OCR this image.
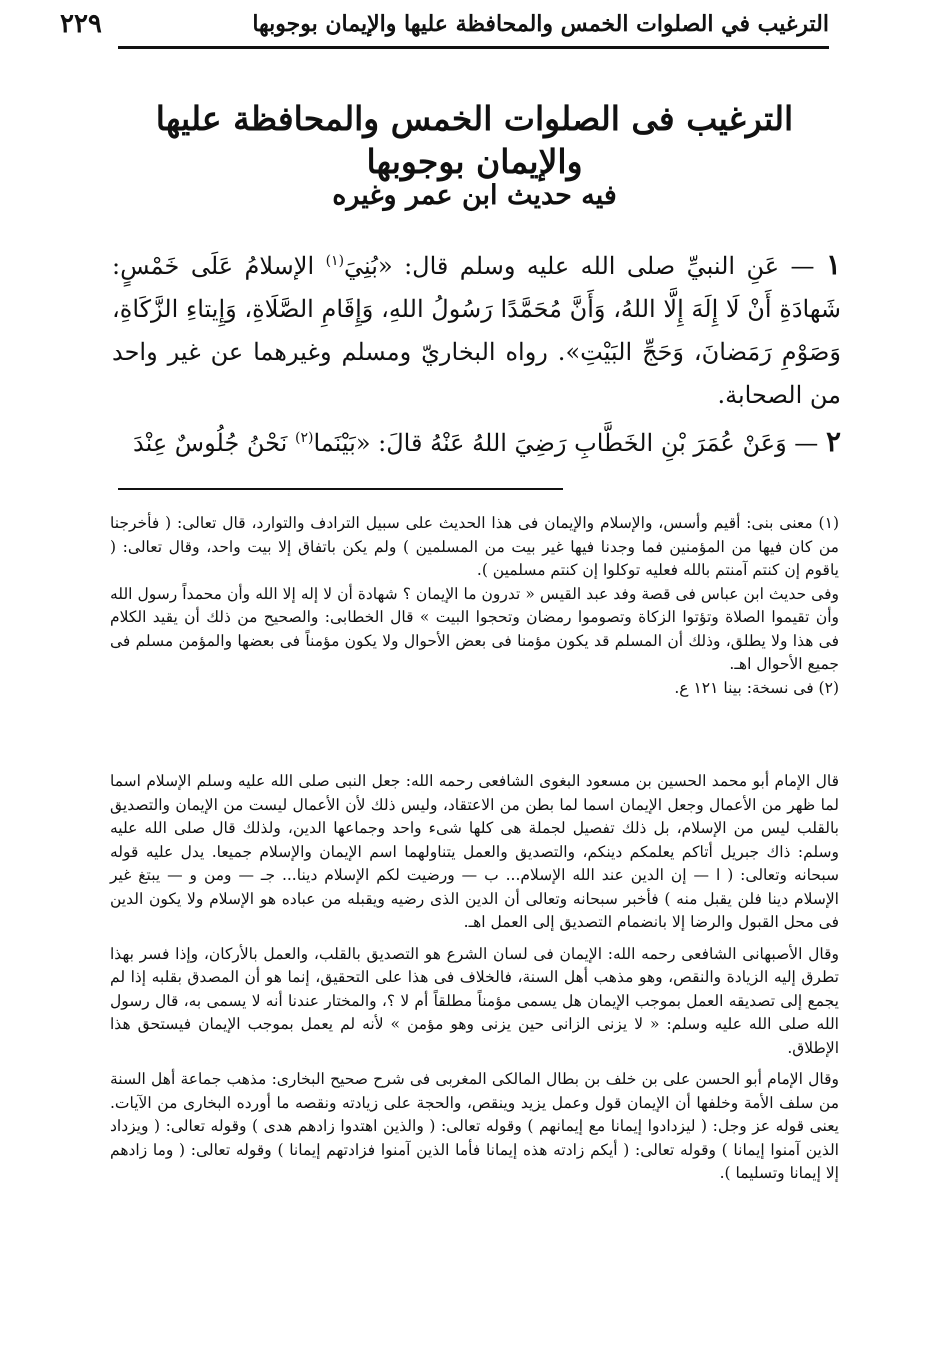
الترغيب في الصلوات الخمس والمحافظة عليها والإيمان بوجوبها
٢٢٩
الترغيب فى الصلوات الخمس والمحافظة عليها والإيمان بوجوبها
فيه حديث ابن عمر وغيره

١ — عَنِ النبيِّ صلى الله عليه وسلم قال: «بُنِيَ$^{(١)}$ الإسلامُ عَلَى خَمْسٍ: شَهادَةِ أَنْ لَا إِلَهَ إِلَّا اللهُ، وَأَنَّ مُحَمَّدًا رَسُولُ اللهِ، وَإِقَامِ الصَّلَاةِ، وَإِيتاءِ الزَّكَاةِ، وَصَوْمِ رَمَضانَ، وَحَجِّ البَيْتِ». رواه البخاريّ ومسلم وغيرهما عن غير واحد من الصحابة.

٢ — وَعَنْ عُمَرَ بْنِ الخَطَّابِ رَضِيَ اللهُ عَنْهُ قالَ: «بَيْنَما$^{(٢)}$ نَحْنُ جُلُوسٌ عِنْدَ

(١) معنى بنى: أقيم وأسس، والإسلام والإيمان فى هذا الحديث على سبيل الترادف والتوارد، قال تعالى: ( فأخرجنا من كان فيها من المؤمنين فما وجدنا فيها غير بيت من المسلمين ) ولم يكن باتفاق إلا بيت واحد، وقال تعالى: ( ياقوم إن كنتم آمنتم بالله فعليه توكلوا إن كنتم مسلمين ).

وفى حديث ابن عباس فى قصة وفد عبد القيس « تدرون ما الإيمان ؟ شهادة أن لا إله إلا الله وأن محمداً رسول الله وأن تقيموا الصلاة وتؤتوا الزكاة وتصوموا رمضان وتحجوا البيت » قال الخطابى: والصحيح من ذلك أن يقيد الكلام فى هذا ولا يطلق، وذلك أن المسلم قد يكون مؤمنا فى بعض الأحوال ولا يكون مؤمناً فى بعضها والمؤمن مسلم فى جميع الأحوال اهـ.

(٢) فى نسخة: بينا ١٢١ ع.

قال الإمام أبو محمد الحسين بن مسعود البغوى الشافعى رحمه الله: جعل النبى صلى الله عليه وسلم الإسلام اسما لما ظهر من الأعمال وجعل الإيمان اسما لما بطن من الاعتقاد، وليس ذلك لأن الأعمال ليست من الإيمان والتصديق بالقلب ليس من الإسلام، بل ذلك تفصيل لجملة هى كلها شىء واحد وجماعها الدين، ولذلك قال صلى الله عليه وسلم: ذاك جبريل أتاكم يعلمكم دينكم، والتصديق والعمل يتناولهما اسم الإيمان والإسلام جميعا. يدل عليه قوله سبحانه وتعالى: ( ا — إن الدين عند الله الإسلام... ب — ورضيت لكم الإسلام دينا... جـ — ومن و — يبتغ غير الإسلام دينا فلن يقبل منه ) فأخبر سبحانه وتعالى أن الدين الذى رضيه ويقبله من عباده هو الإسلام ولا يكون الدين فى محل القبول والرضا إلا بانضمام التصديق إلى العمل اهـ.

وقال الأصبهانى الشافعى رحمه الله: الإيمان فى لسان الشرع هو التصديق بالقلب، والعمل بالأركان، وإذا فسر بهذا تطرق إليه الزيادة والنقص، وهو مذهب أهل السنة، فالخلاف فى هذا على التحقيق، إنما هو أن المصدق بقلبه إذا لم يجمع إلى تصديقه العمل بموجب الإيمان هل يسمى مؤمناً مطلقاً أم لا ؟، والمختار عندنا أنه لا يسمى به، قال رسول الله صلى الله عليه وسلم: « لا يزنى الزانى حين يزنى وهو مؤمن » لأنه لم يعمل بموجب الإيمان فيستحق هذا الإطلاق.

وقال الإمام أبو الحسن على بن خلف بن بطال المالكى المغربى فى شرح صحيح البخارى: مذهب جماعة أهل السنة من سلف الأمة وخلفها أن الإيمان قول وعمل يزيد وينقص، والحجة على زيادته ونقصه ما أورده البخارى من الآيات. يعنى قوله عز وجل: ( ليزدادوا إيمانا مع إيمانهم ) وقوله تعالى: ( والذين اهتدوا زادهم هدى ) وقوله تعالى: ( ويزداد الذين آمنوا إيمانا ) وقوله تعالى: ( أيكم زادته هذه إيمانا فأما الذين آمنوا فزادتهم إيمانا ) وقوله تعالى: ( وما زادهم إلا إيمانا وتسليما ).
